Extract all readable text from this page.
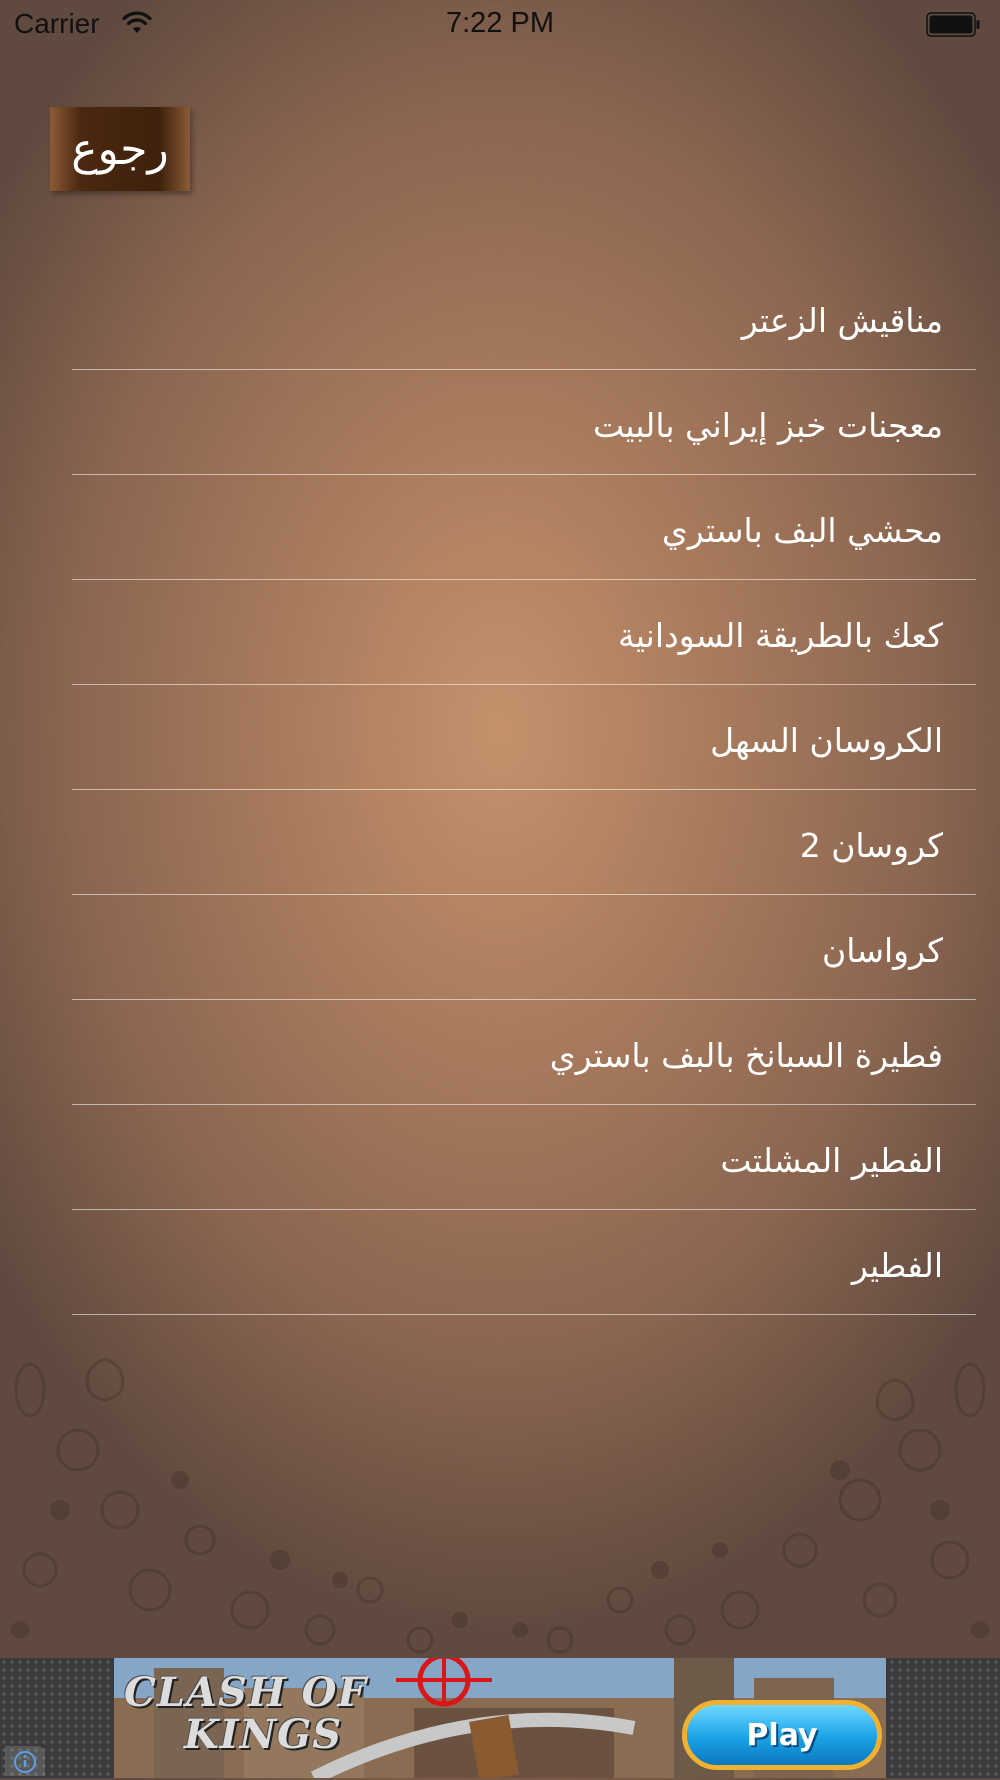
Carrier	7:22 PM
رجوع
مناقيش الزعتر
معجنات خبز إيراني بالبيت
محشي البف باستري
كعك بالطريقة السودانية
الكروسان السهل
كروسان 2
كرواسان
فطيرة السبانخ بالبف باستري
الفطير المشلتت
الفطير
CLASH OF
KINGS	Play
